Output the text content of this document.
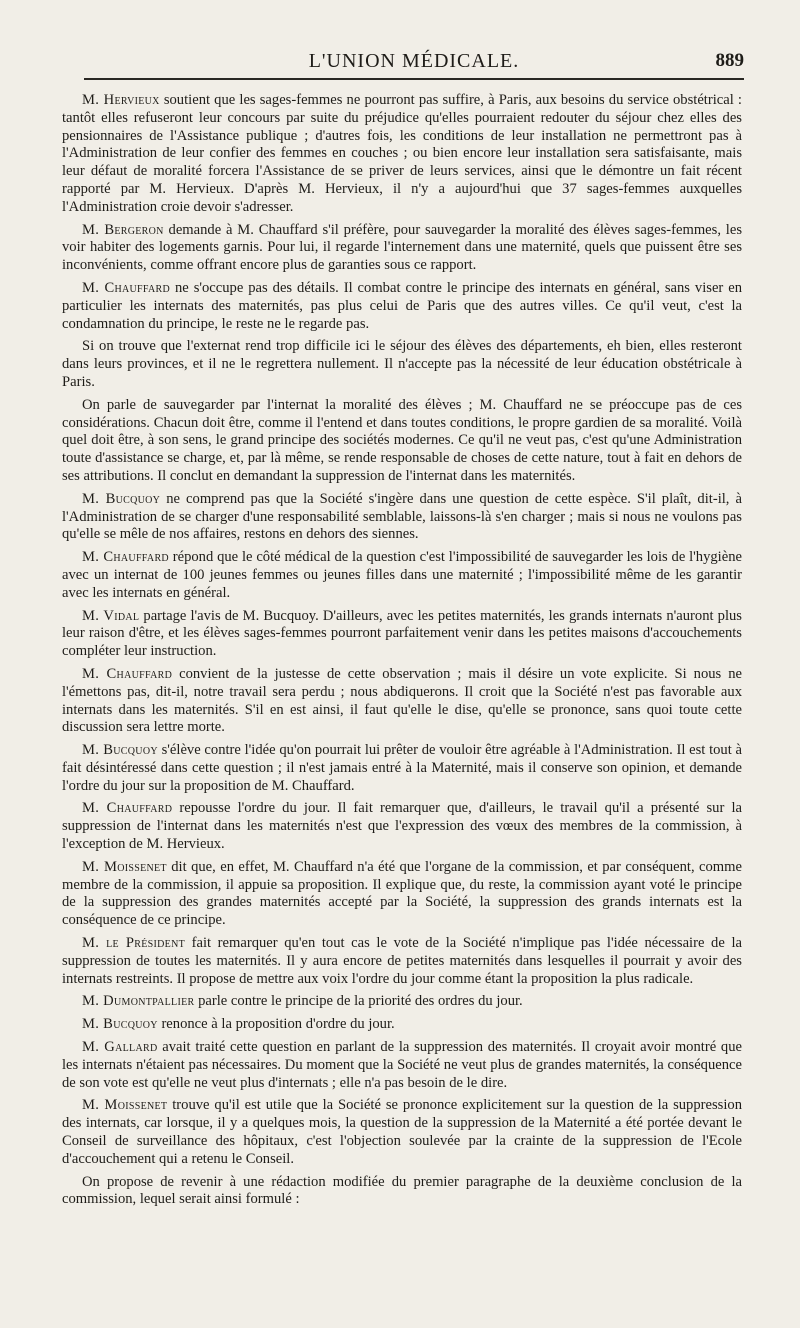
L'UNION MÉDICALE.	889

M. Hervieux soutient que les sages-femmes ne pourront pas suffire, à Paris, aux besoins du service obstétrical : tantôt elles refuseront leur concours par suite du préjudice qu'elles pourraient redouter du séjour chez elles des pensionnaires de l'Assistance publique ; d'autres fois, les conditions de leur installation ne permettront pas à l'Administration de leur confier des femmes en couches ; ou bien encore leur installation sera satisfaisante, mais leur défaut de moralité forcera l'Assistance de se priver de leurs services, ainsi que le démontre un fait récent rapporté par M. Hervieux. D'après M. Hervieux, il n'y a aujourd'hui que 37 sages-femmes auxquelles l'Administration croie devoir s'adresser.

M. Bergeron demande à M. Chauffard s'il préfère, pour sauvegarder la moralité des élèves sages-femmes, les voir habiter des logements garnis. Pour lui, il regarde l'internement dans une maternité, quels que puissent être ses inconvénients, comme offrant encore plus de garanties sous ce rapport.

M. Chauffard ne s'occupe pas des détails. Il combat contre le principe des internats en général, sans viser en particulier les internats des maternités, pas plus celui de Paris que des autres villes. Ce qu'il veut, c'est la condamnation du principe, le reste ne le regarde pas.

Si on trouve que l'externat rend trop difficile ici le séjour des élèves des départements, eh bien, elles resteront dans leurs provinces, et il ne le regrettera nullement. Il n'accepte pas la nécessité de leur éducation obstétricale à Paris.

On parle de sauvegarder par l'internat la moralité des élèves ; M. Chauffard ne se préoccupe pas de ces considérations. Chacun doit être, comme il l'entend et dans toutes conditions, le propre gardien de sa moralité. Voilà quel doit être, à son sens, le grand principe des sociétés modernes. Ce qu'il ne veut pas, c'est qu'une Administration toute d'assistance se charge, et, par là même, se rende responsable de choses de cette nature, tout à fait en dehors de ses attributions. Il conclut en demandant la suppression de l'internat dans les maternités.

M. Bucquoy ne comprend pas que la Société s'ingère dans une question de cette espèce. S'il plaît, dit-il, à l'Administration de se charger d'une responsabilité semblable, laissons-là s'en charger ; mais si nous ne voulons pas qu'elle se mêle de nos affaires, restons en dehors des siennes.

M. Chauffard répond que le côté médical de la question c'est l'impossibilité de sauvegarder les lois de l'hygiène avec un internat de 100 jeunes femmes ou jeunes filles dans une maternité ; l'impossibilité même de les garantir avec les internats en général.

M. Vidal partage l'avis de M. Bucquoy. D'ailleurs, avec les petites maternités, les grands internats n'auront plus leur raison d'être, et les élèves sages-femmes pourront parfaitement venir dans les petites maisons d'accouchements compléter leur instruction.

M. Chauffard convient de la justesse de cette observation ; mais il désire un vote explicite. Si nous ne l'émettons pas, dit-il, notre travail sera perdu ; nous abdiquerons. Il croit que la Société n'est pas favorable aux internats dans les maternités. S'il en est ainsi, il faut qu'elle le dise, qu'elle se prononce, sans quoi toute cette discussion sera lettre morte.

M. Bucquoy s'élève contre l'idée qu'on pourrait lui prêter de vouloir être agréable à l'Administration. Il est tout à fait désintéressé dans cette question ; il n'est jamais entré à la Maternité, mais il conserve son opinion, et demande l'ordre du jour sur la proposition de M. Chauffard.

M. Chauffard repousse l'ordre du jour. Il fait remarquer que, d'ailleurs, le travail qu'il a présenté sur la suppression de l'internat dans les maternités n'est que l'expression des vœux des membres de la commission, à l'exception de M. Hervieux.

M. Moissenet dit que, en effet, M. Chauffard n'a été que l'organe de la commission, et par conséquent, comme membre de la commission, il appuie sa proposition. Il explique que, du reste, la commission ayant voté le principe de la suppression des grandes maternités accepté par la Société, la suppression des grands internats est la conséquence de ce principe.

M. le Président fait remarquer qu'en tout cas le vote de la Société n'implique pas l'idée nécessaire de la suppression de toutes les maternités. Il y aura encore de petites maternités dans lesquelles il pourrait y avoir des internats restreints. Il propose de mettre aux voix l'ordre du jour comme étant la proposition la plus radicale.

M. Dumontpallier parle contre le principe de la priorité des ordres du jour.

M. Bucquoy renonce à la proposition d'ordre du jour.

M. Gallard avait traité cette question en parlant de la suppression des maternités. Il croyait avoir montré que les internats n'étaient pas nécessaires. Du moment que la Société ne veut plus de grandes maternités, la conséquence de son vote est qu'elle ne veut plus d'internats ; elle n'a pas besoin de le dire.

M. Moissenet trouve qu'il est utile que la Société se prononce explicitement sur la question de la suppression des internats, car lorsque, il y a quelques mois, la question de la suppression de la Maternité a été portée devant le Conseil de surveillance des hôpitaux, c'est l'objection soulevée par la crainte de la suppression de l'Ecole d'accouchement qui a retenu le Conseil.

On propose de revenir à une rédaction modifiée du premier paragraphe de la deuxième conclusion de la commission, lequel serait ainsi formulé :
